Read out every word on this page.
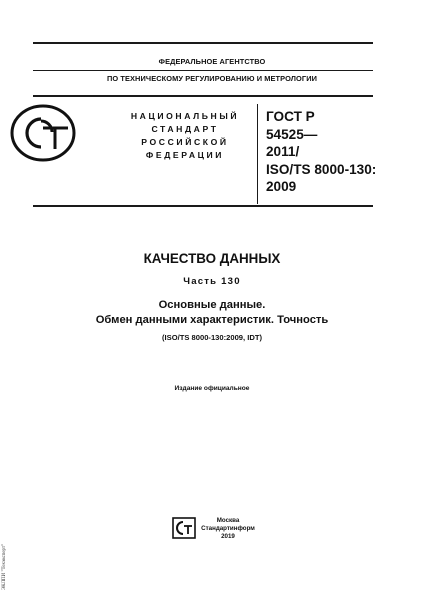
ФЕДЕРАЛЬНОЕ АГЕНТСТВО
ПО ТЕХНИЧЕСКОМУ РЕГУЛИРОВАНИЮ И МЕТРОЛОГИИ
НАЦИОНАЛЬНЫЙ
СТАНДАРТ
РОССИЙСКОЙ
ФЕДЕРАЦИИ
ГОСТ Р
54525—
2011/
ISO/TS 8000-130:
2009
КАЧЕСТВО ДАННЫХ
Часть 130
Основные данные.
Обмен данными характеристик. Точность
(ISO/TS 8000-130:2009, IDT)
Издание официальное
Москва
Стандартинформ
2019
ЭКЛПИ "Техэксперт"
